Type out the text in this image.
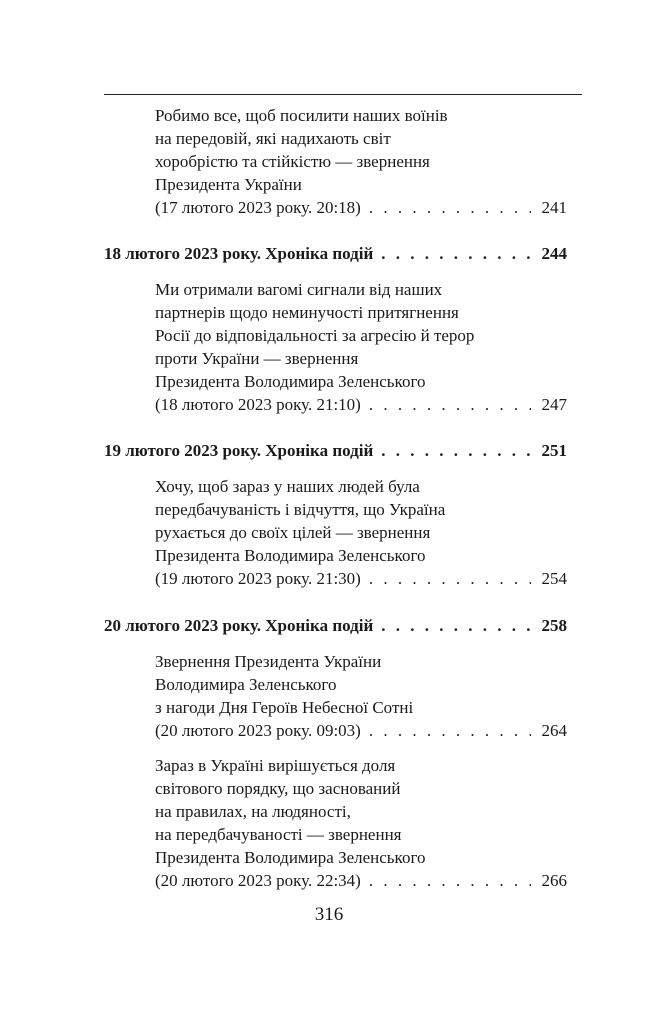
Робимо все, щоб посилити наших воїнів
на передовій, які надихають світ
хоробрістю та стійкістю — звернення
Президента України
(17 лютого 2023 року. 20:18) . . .	241
18 лютого 2023 року. Хроніка подій . . .	244
Ми отримали вагомі сигнали від наших
партнерів щодо неминучості притягнення
Росії до відповідальності за агресію й терор
проти України — звернення
Президента Володимира Зеленського
(18 лютого 2023 року. 21:10) . . .	247
19 лютого 2023 року. Хроніка подій . . .	251
Хочу, щоб зараз у наших людей була
передбачуваність і відчуття, що Україна
рухається до своїх цілей — звернення
Президента Володимира Зеленського
(19 лютого 2023 року. 21:30) . . .	254
20 лютого 2023 року. Хроніка подій . . .	258
Звернення Президента України
Володимира Зеленського
з нагоди Дня Героїв Небесної Сотні
(20 лютого 2023 року. 09:03) . . .	264
Зараз в Україні вирішується доля
світового порядку, що заснований
на правилах, на людяності,
на передбачуваності — звернення
Президента Володимира Зеленського
(20 лютого 2023 року. 22:34) . . .	266
316
